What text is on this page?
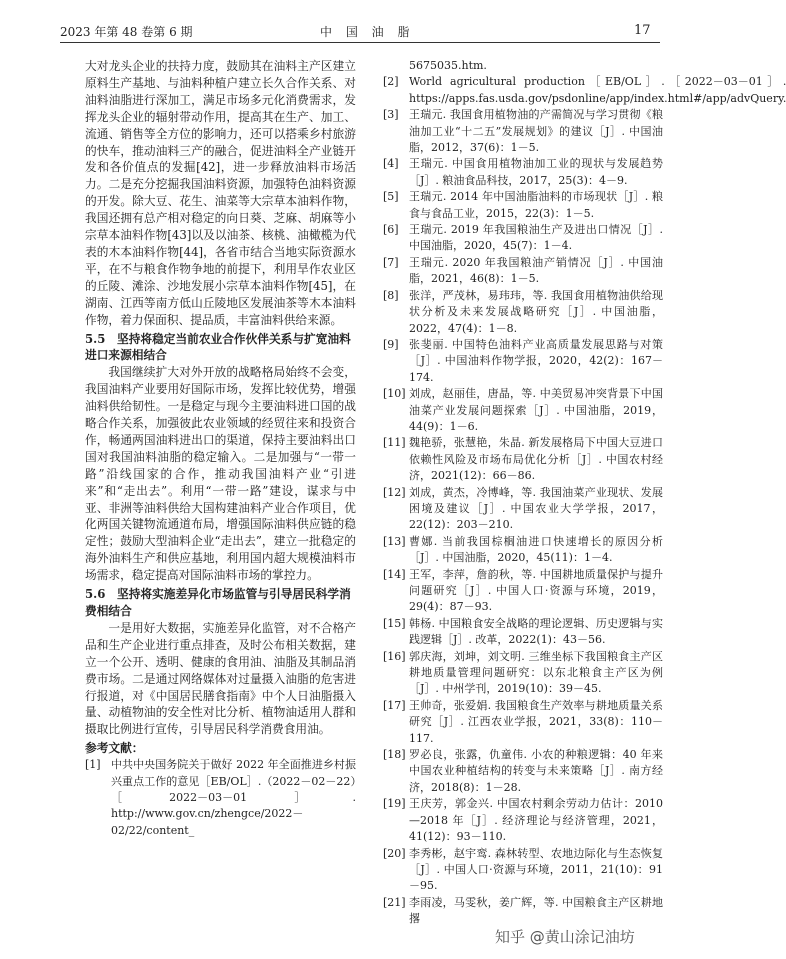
2023 年第 48 卷第 6 期	中 国 油 脂	17
大对龙头企业的扶持力度，鼓励其在油料主产区建立原料生产基地、与油料种植户建立长久合作关系、对油料油脂进行深加工，满足市场多元化消费需求，发挥龙头企业的辐射带动作用，提高其在生产、加工、流通、销售等全方位的影响力，还可以搭乘乡村旅游的快车，推动油料三产的融合，促进油料全产业链开发和各价值点的发掘[42]，进一步释放油料市场活力。二是充分挖掘我国油料资源，加强特色油料资源的开发。除大豆、花生、油菜等大宗草本油料作物，我国还拥有总产相对稳定的向日葵、芝麻、胡麻等小宗草本油料作物[43]以及以油茶、核桃、油橄榄为代表的木本油料作物[44]，各省市结合当地实际资源水平，在不与粮食作物争地的前提下，利用旱作农业区的丘陵、滩涂、沙地发展小宗草本油料作物[45]，在湖南、江西等南方低山丘陵地区发展油茶等木本油料作物，着力保面积、提品质，丰富油料供给来源。
5.5　坚持将稳定当前农业合作伙伴关系与扩宽油料进口来源相结合
我国继续扩大对外开放的战略格局始终不会变，我国油料产业要用好国际市场，发挥比较优势，增强油料供给韧性。一是稳定与现今主要油料进口国的战略合作关系，加强彼此农业领域的经贸往来和投资合作，畅通两国油料进出口的渠道，保持主要油料出口国对我国油料油脂的稳定输入。二是加强与“一带一路”沿线国家的合作，推动我国油料产业“引进来”和“走出去”。利用“一带一路”建设，谋求与中亚、非洲等油料供给大国构建油料产业合作项目，优化两国关键物流通道布局，增强国际油料供应链的稳定性；鼓励大型油料企业“走出去”，建立一批稳定的海外油料生产和供应基地，利用国内超大规模油料市场需求，稳定提高对国际油料市场的掌控力。
5.6　坚持将实施差异化市场监管与引导居民科学消费相结合
一是用好大数据，实施差异化监管，对不合格产品和生产企业进行重点排查，及时公布相关数据，建立一个公开、透明、健康的食用油、油脂及其制品消费市场。二是通过网络媒体对过量摄入油脂的危害进行报道，对《中国居民膳食指南》中个人日油脂摄入量、动植物油的安全性对比分析、植物油适用人群和摄取比例进行宣传，引导居民科学消费食用油。
参考文献：
[1] 中共中央国务院关于做好 2022 年全面推进乡村振兴重点工作的意见［EB/OL］.（2022－02－22）［2022－03－01］. http://www.gov.cn/zhengce/2022－02/22/content_
5675035.htm.
[2] World agricultural production［EB/OL］.［2022－03－01］. https://apps.fas.usda.gov/psdonline/app/index.html#/app/advQuery.
[3] 王瑞元. 我国食用植物油的产需简况与学习贯彻《粮油加工业“十二五”发展规划》的建议［J］. 中国油脂，2012，37(6)：1－5.
[4] 王瑞元. 中国食用植物油加工业的现状与发展趋势［J］. 粮油食品科技，2017，25(3)：4－9.
[5] 王瑞元. 2014 年中国油脂油料的市场现状［J］. 粮食与食品工业，2015，22(3)：1－5.
[6] 王瑞元. 2019 年我国粮油生产及进出口情况［J］. 中国油脂，2020，45(7)：1－4.
[7] 王瑞元. 2020 年我国粮油产销情况［J］. 中国油脂，2021，46(8)：1－5.
[8] 张洋，严茂林，易玮玮，等. 我国食用植物油供给现状分析及未来发展战略研究［J］. 中国油脂，2022，47(4)：1－8.
[9] 张斐丽. 中国特色油料产业高质量发展思路与对策［J］. 中国油料作物学报，2020，42(2)：167－174.
[10] 刘成，赵丽佳，唐晶，等. 中美贸易冲突背景下中国油菜产业发展问题探索［J］. 中国油脂，2019，44(9)：1－6.
[11] 魏艳骄，张慧艳，朱晶. 新发展格局下中国大豆进口依赖性风险及市场布局优化分析［J］. 中国农村经济，2021(12)：66－86.
[12] 刘成，黄杰，冷博峰，等. 我国油菜产业现状、发展困境及建议［J］. 中国农业大学学报，2017，22(12)：203－210.
[13] 曹娜. 当前我国棕榈油进口快速增长的原因分析［J］. 中国油脂，2020，45(11)：1－4.
[14] 王军，李萍，詹韵秋，等. 中国耕地质量保护与提升问题研究［J］. 中国人口·资源与环境，2019，29(4)：87－93.
[15] 韩杨. 中国粮食安全战略的理论逻辑、历史逻辑与实践逻辑［J］. 改革，2022(1)：43－56.
[16] 郭庆海，刘坤，刘文明. 三维坐标下我国粮食主产区耕地质量管理问题研究：以东北粮食主产区为例［J］. 中州学刊，2019(10)：39－45.
[17] 王帅奇，张爱娟. 我国粮食生产效率与耕地质量关系研究［J］. 江西农业学报，2021，33(8)：110－117.
[18] 罗必良，张露，仇童伟. 小农的种粮逻辑：40 年来中国农业种植结构的转变与未来策略［J］. 南方经济，2018(8)：1－28.
[19] 王庆芳，郭金兴. 中国农村剩余劳动力估计：2010—2018 年［J］. 经济理论与经济管理，2021，41(12)：93－110.
[20] 李秀彬，赵宇鸾. 森林转型、农地边际化与生态恢复［J］. 中国人口·资源与环境，2011，21(10)：91－95.
[21] 李雨凌，马雯秋，姜广辉，等. 中国粮食主产区耕地撂
知乎 @黄山涂记油坊
